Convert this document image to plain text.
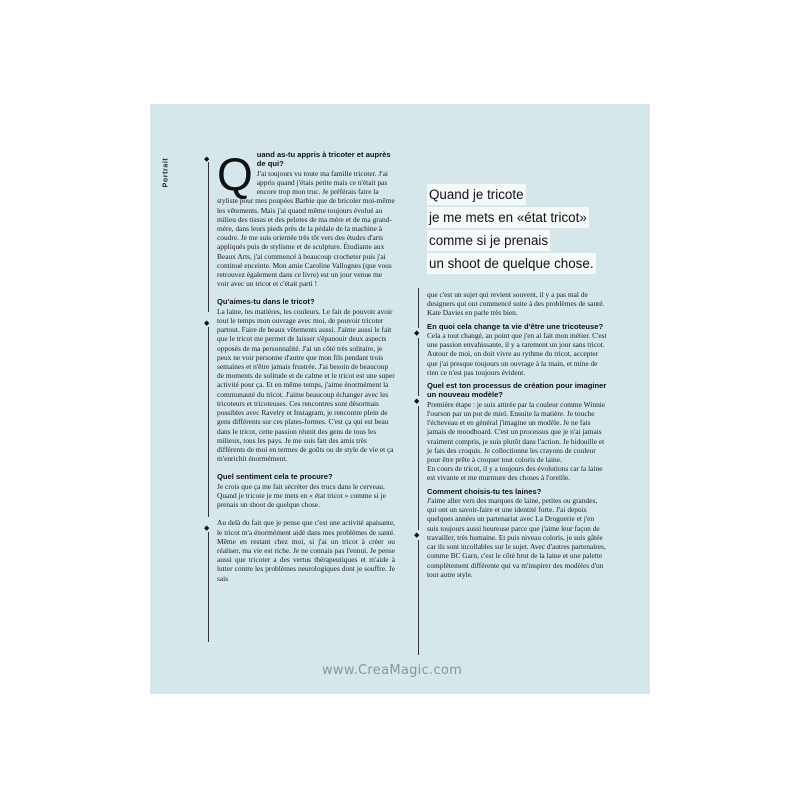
Portrait	◆
◆
◆
◆
◆
◆
Quand je tricote
je me mets en «état tricot»
comme si je prenais
un shoot de quelque chose.
Q uand as-tu appris à tricoter et auprès de qui?

J'ai toujours vu toute ma famille tricoter. J'ai appris quand j'étais petite mais ce n'était pas encore trop mon truc. Je préférais faire la styliste pour mes poupées Barbie que de bricoler moi-même les vêtements. Mais j'ai quand même toujours évolué au milieu des tissus et des pelotes de ma mère et de ma grand-mère, dans leurs pieds près de la pédale de la machine à coudre. Je me suis orientée très tôt vers des études d'arts appliqués puis de stylisme et de sculpture. Étudiante aux Beaux Arts, j'ai commencé à beaucoup crocheter puis j'ai continué enceinte. Mon amie Caroline Vallognes (que vous retrouvez également dans ce livre) est un jour venue me voir avec un tricot et c'était parti !

Qu'aimes-tu dans le tricot?

La laine, les matières, les couleurs. Le fait de pouvoir avoir tout le temps mon ouvrage avec moi, de pouvoir tricoter partout. Faire de beaux vêtements aussi. J'aime aussi le fait que le tricot me permet de laisser s'épanouir deux aspects opposés de ma personnalité. J'ai un côté très solitaire, je peux ne voir personne d'autre que mon fils pendant trois semaines et n'être jamais frustrée. J'ai besoin de beaucoup de moments de solitude et de calme et le tricot est une super activité pour ça. Et en même temps, j'aime énormément la communauté du tricot. J'aime beaucoup échanger avec les tricoteurs et tricoteuses. Ces rencontres sont désormais possibles avec Ravelry et Instagram, je rencontre plein de gens différents sur ces plates-formes. C'est ça qui est beau dans le tricot, cette passion réunit des gens de tous les milieux, tous les pays. Je me suis fait des amis très différents de moi en termes de goûts ou de style de vie et ça m'enrichit énormément.

Quel sentiment cela te procure?

Je crois que ça me fait sécréter des trucs dans le cerveau. Quand je tricote je me mets en « état tricot » comme si je prenais un shoot de quelque chose.

Au delà du fait que je pense que c'est une activité apaisante, le tricot m'a énormément aidé dans mes problèmes de santé. Même en restant chez moi, si j'ai un tricot à créer ou réaliser, ma vie est riche. Je ne connais pas l'ennui. Je pense aussi que tricoter a des vertus thérapeutiques et m'aide à lutter contre les problèmes neurologiques dont je souffre. Je sais

que c'est un sujet qui revient souvent, il y a pas mal de designers qui ont commencé suite à des problèmes de santé. Kate Davies en parle très bien.

En quoi cela change ta vie d'être une tricoteuse?

Cela a tout changé, au point que j'en ai fait mon métier. C'est une passion envahissante, il y a rarement un jour sans tricot. Autour de moi, on doit vivre au rythme du tricot, accepter que j'ai presque toujours un ouvrage à la main, et mine de rien ce n'est pas toujours évident.

Quel est ton processus de création pour imaginer un nouveau modèle?

Première étape : je suis attirée par la couleur comme Winnie l'ourson par un pot de miel. Ensuite la matière. Je touche l'écheveau et en général j'imagine un modèle. Je ne fais jamais de moodboard. C'est un processus que je n'ai jamais vraiment compris, je suis plutôt dans l'action. Je bidouille et je fais des croquis. Je collectionne les crayons de couleur pour être prête à croquer tout coloris de laine.

En cours de tricot, il y a toujours des évolutions car la laine est vivante et me murmure des choses à l'oreille.

Comment choisis-tu tes laines?

J'aime aller vers des marques de laine, petites ou grandes, qui ont un savoir-faire et une identité forte. J'ai depuis quelques années un partenariat avec La Droguerie et j'en suis toujours aussi heureuse parce que j'aime leur façon de travailler, très humaine. Et puis niveau coloris, je suis gâtée car ils sont incollables sur le sujet. Avec d'autres partenaires, comme BC Garn, c'est le côté brut de la laine et une palette complètement différente qui va m'inspirer des modèles d'un tout autre style.

www.CreaMagic.com
